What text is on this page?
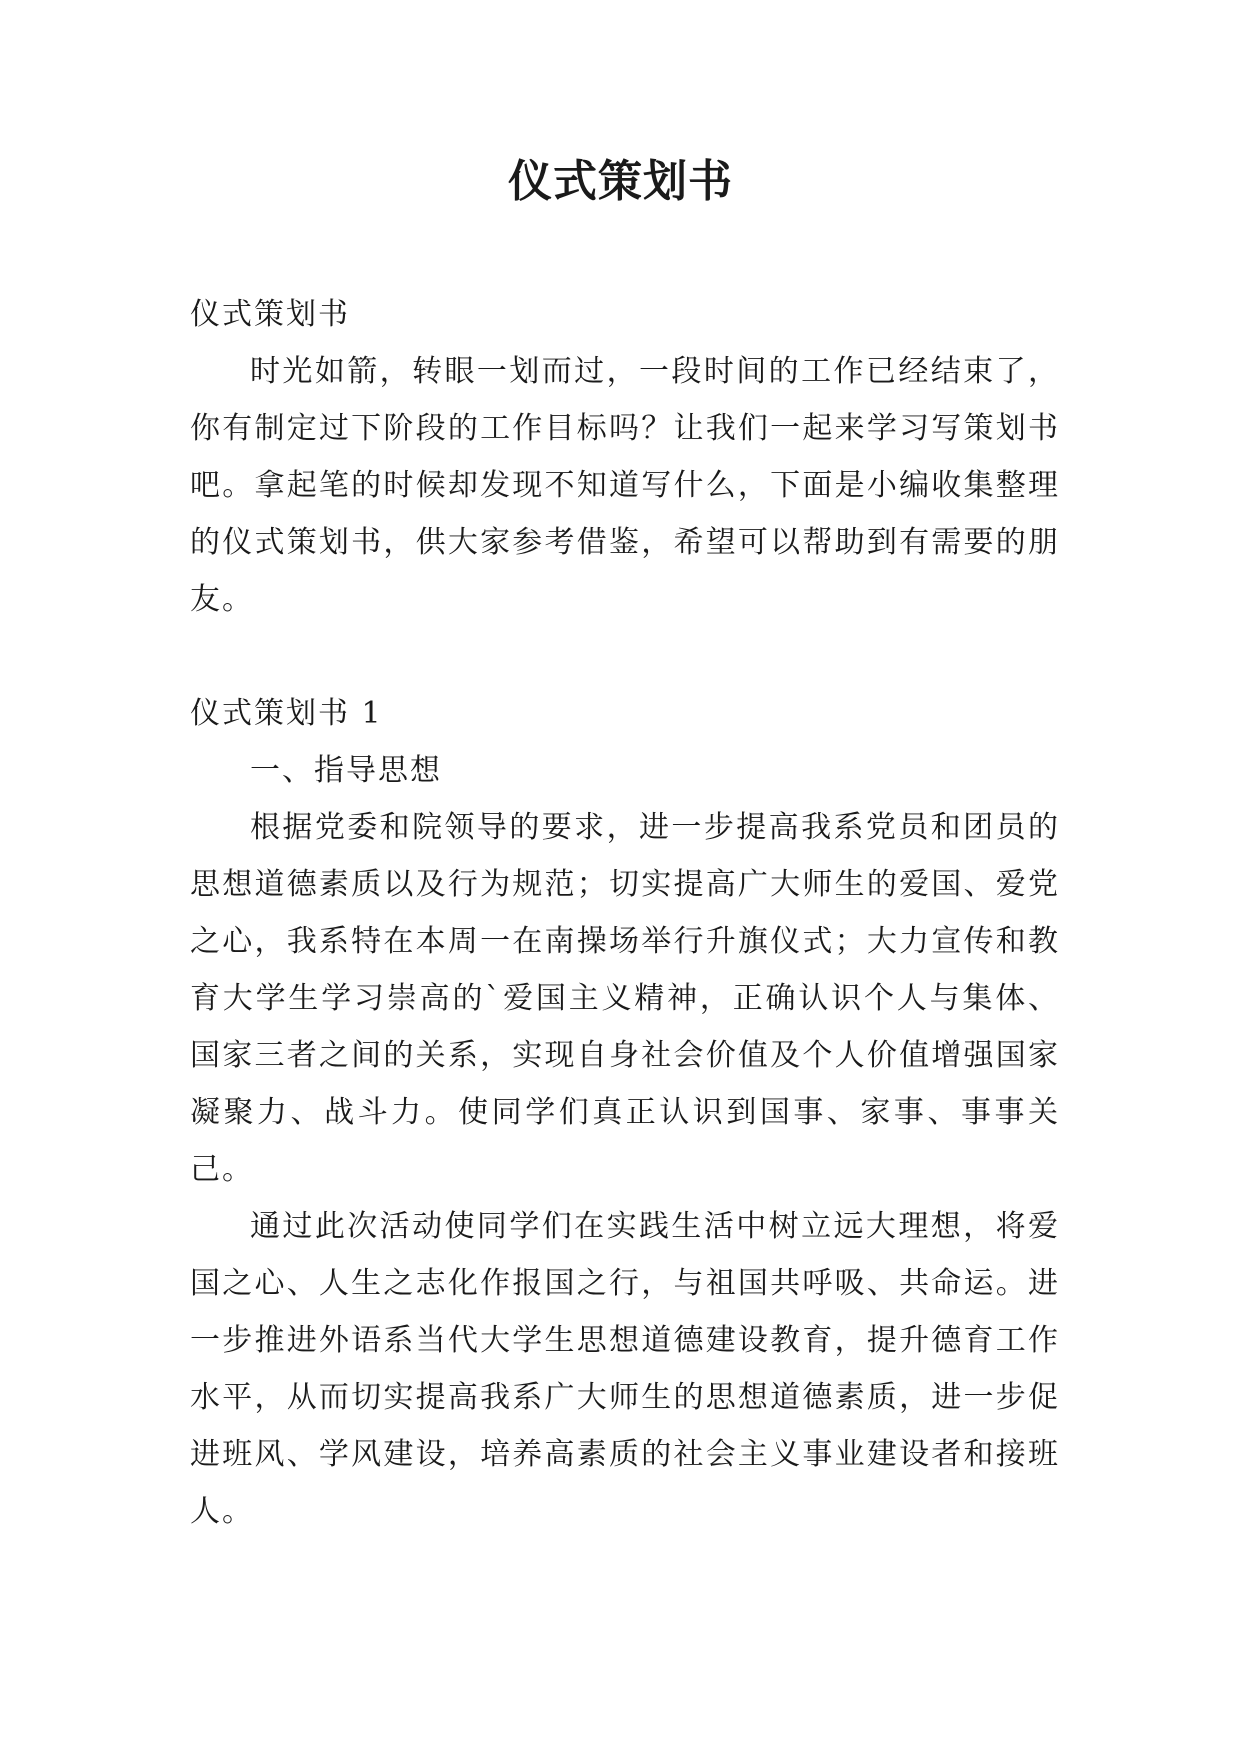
仪式策划书

仪式策划书

时光如箭，转眼一划而过，一段时间的工作已经结束了，你有制定过下阶段的工作目标吗？让我们一起来学习写策划书吧。拿起笔的时候却发现不知道写什么，下面是小编收集整理的仪式策划书，供大家参考借鉴，希望可以帮助到有需要的朋友。

仪式策划书 1

一、指导思想

根据党委和院领导的要求，进一步提高我系党员和团员的思想道德素质以及行为规范；切实提高广大师生的爱国、爱党之心，我系特在本周一在南操场举行升旗仪式；大力宣传和教育大学生学习崇高的`爱国主义精神，正确认识个人与集体、国家三者之间的关系，实现自身社会价值及个人价值增强国家凝聚力、战斗力。使同学们真正认识到国事、家事、事事关己。

通过此次活动使同学们在实践生活中树立远大理想，将爱国之心、人生之志化作报国之行，与祖国共呼吸、共命运。进一步推进外语系当代大学生思想道德建设教育，提升德育工作水平，从而切实提高我系广大师生的思想道德素质，进一步促进班风、学风建设，培养高素质的社会主义事业建设者和接班人。
